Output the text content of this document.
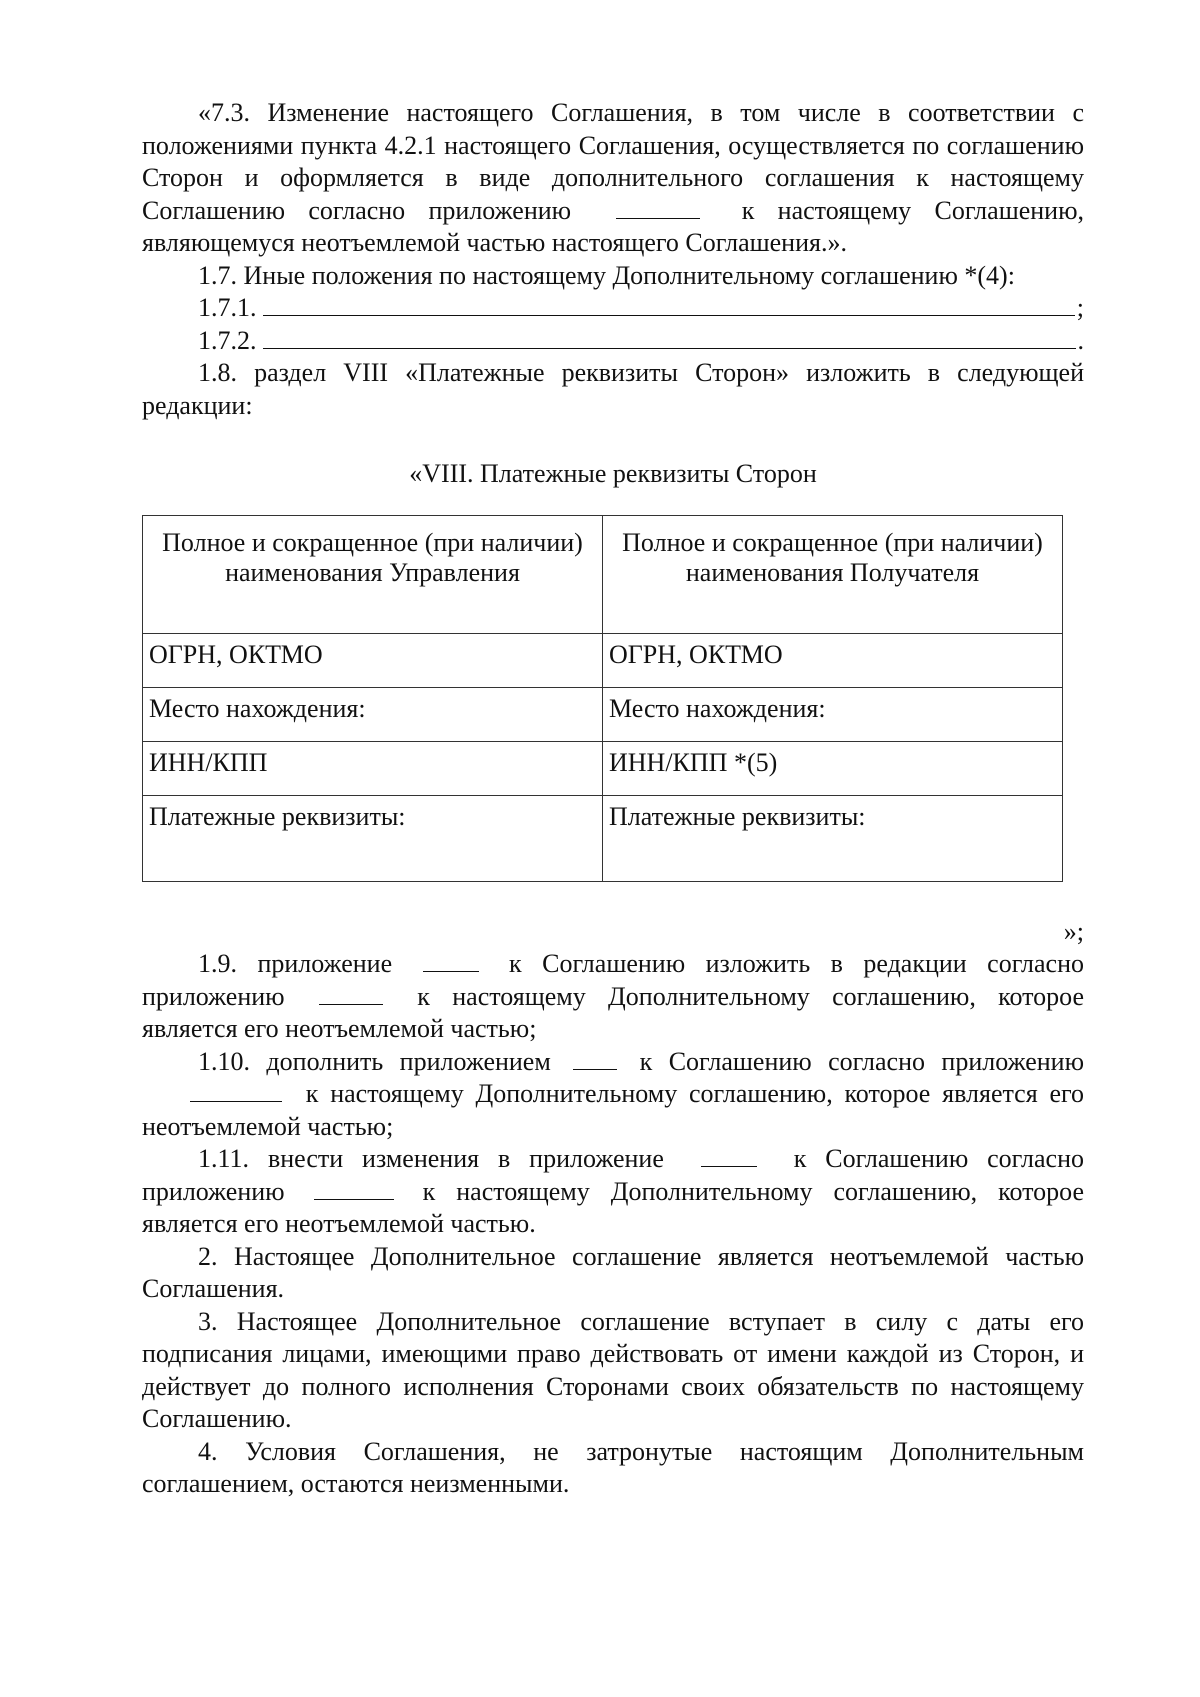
«7.3. Изменение настоящего Соглашения, в том числе в соответствии с положениями пункта 4.2.1 настоящего Соглашения, осуществляется по соглашению Сторон и оформляется в виде дополнительного соглашения к настоящему Соглашению согласно приложению	к настоящему Соглашению, являющемуся неотъемлемой частью настоящего Соглашения.».

1.7. Иные положения по настоящему Дополнительному соглашению *(4):

1.7.1.	;
1.7.2.	.

1.8. раздел VIII «Платежные реквизиты Сторон» изложить в следующей редакции:

«VIII. Платежные реквизиты Сторон

Полное и сокращенное (при наличии) наименования Управления	Полное и сокращенное (при наличии) наименования Получателя
ОГРН, ОКТМО	ОГРН, ОКТМО
Место нахождения:	Место нахождения:
ИНН/КПП	ИНН/КПП *(5)
Платежные реквизиты:	Платежные реквизиты:

»;

1.9. приложение	к Соглашению изложить в редакции согласно приложению	к настоящему Дополнительному соглашению, которое является его неотъемлемой частью;

1.10. дополнить приложением	к Соглашению согласно приложению  к настоящему Дополнительному соглашению, которое является его неотъемлемой частью;

1.11. внести изменения в приложение	к Соглашению согласно приложению	к настоящему Дополнительному соглашению, которое является его неотъемлемой частью.

2. Настоящее Дополнительное соглашение является неотъемлемой частью Соглашения.

3. Настоящее Дополнительное соглашение вступает в силу с даты его подписания лицами, имеющими право действовать от имени каждой из Сторон, и действует до полного исполнения Сторонами своих обязательств по настоящему Соглашению.

4. Условия Соглашения, не затронутые настоящим Дополнительным соглашением, остаются неизменными.
